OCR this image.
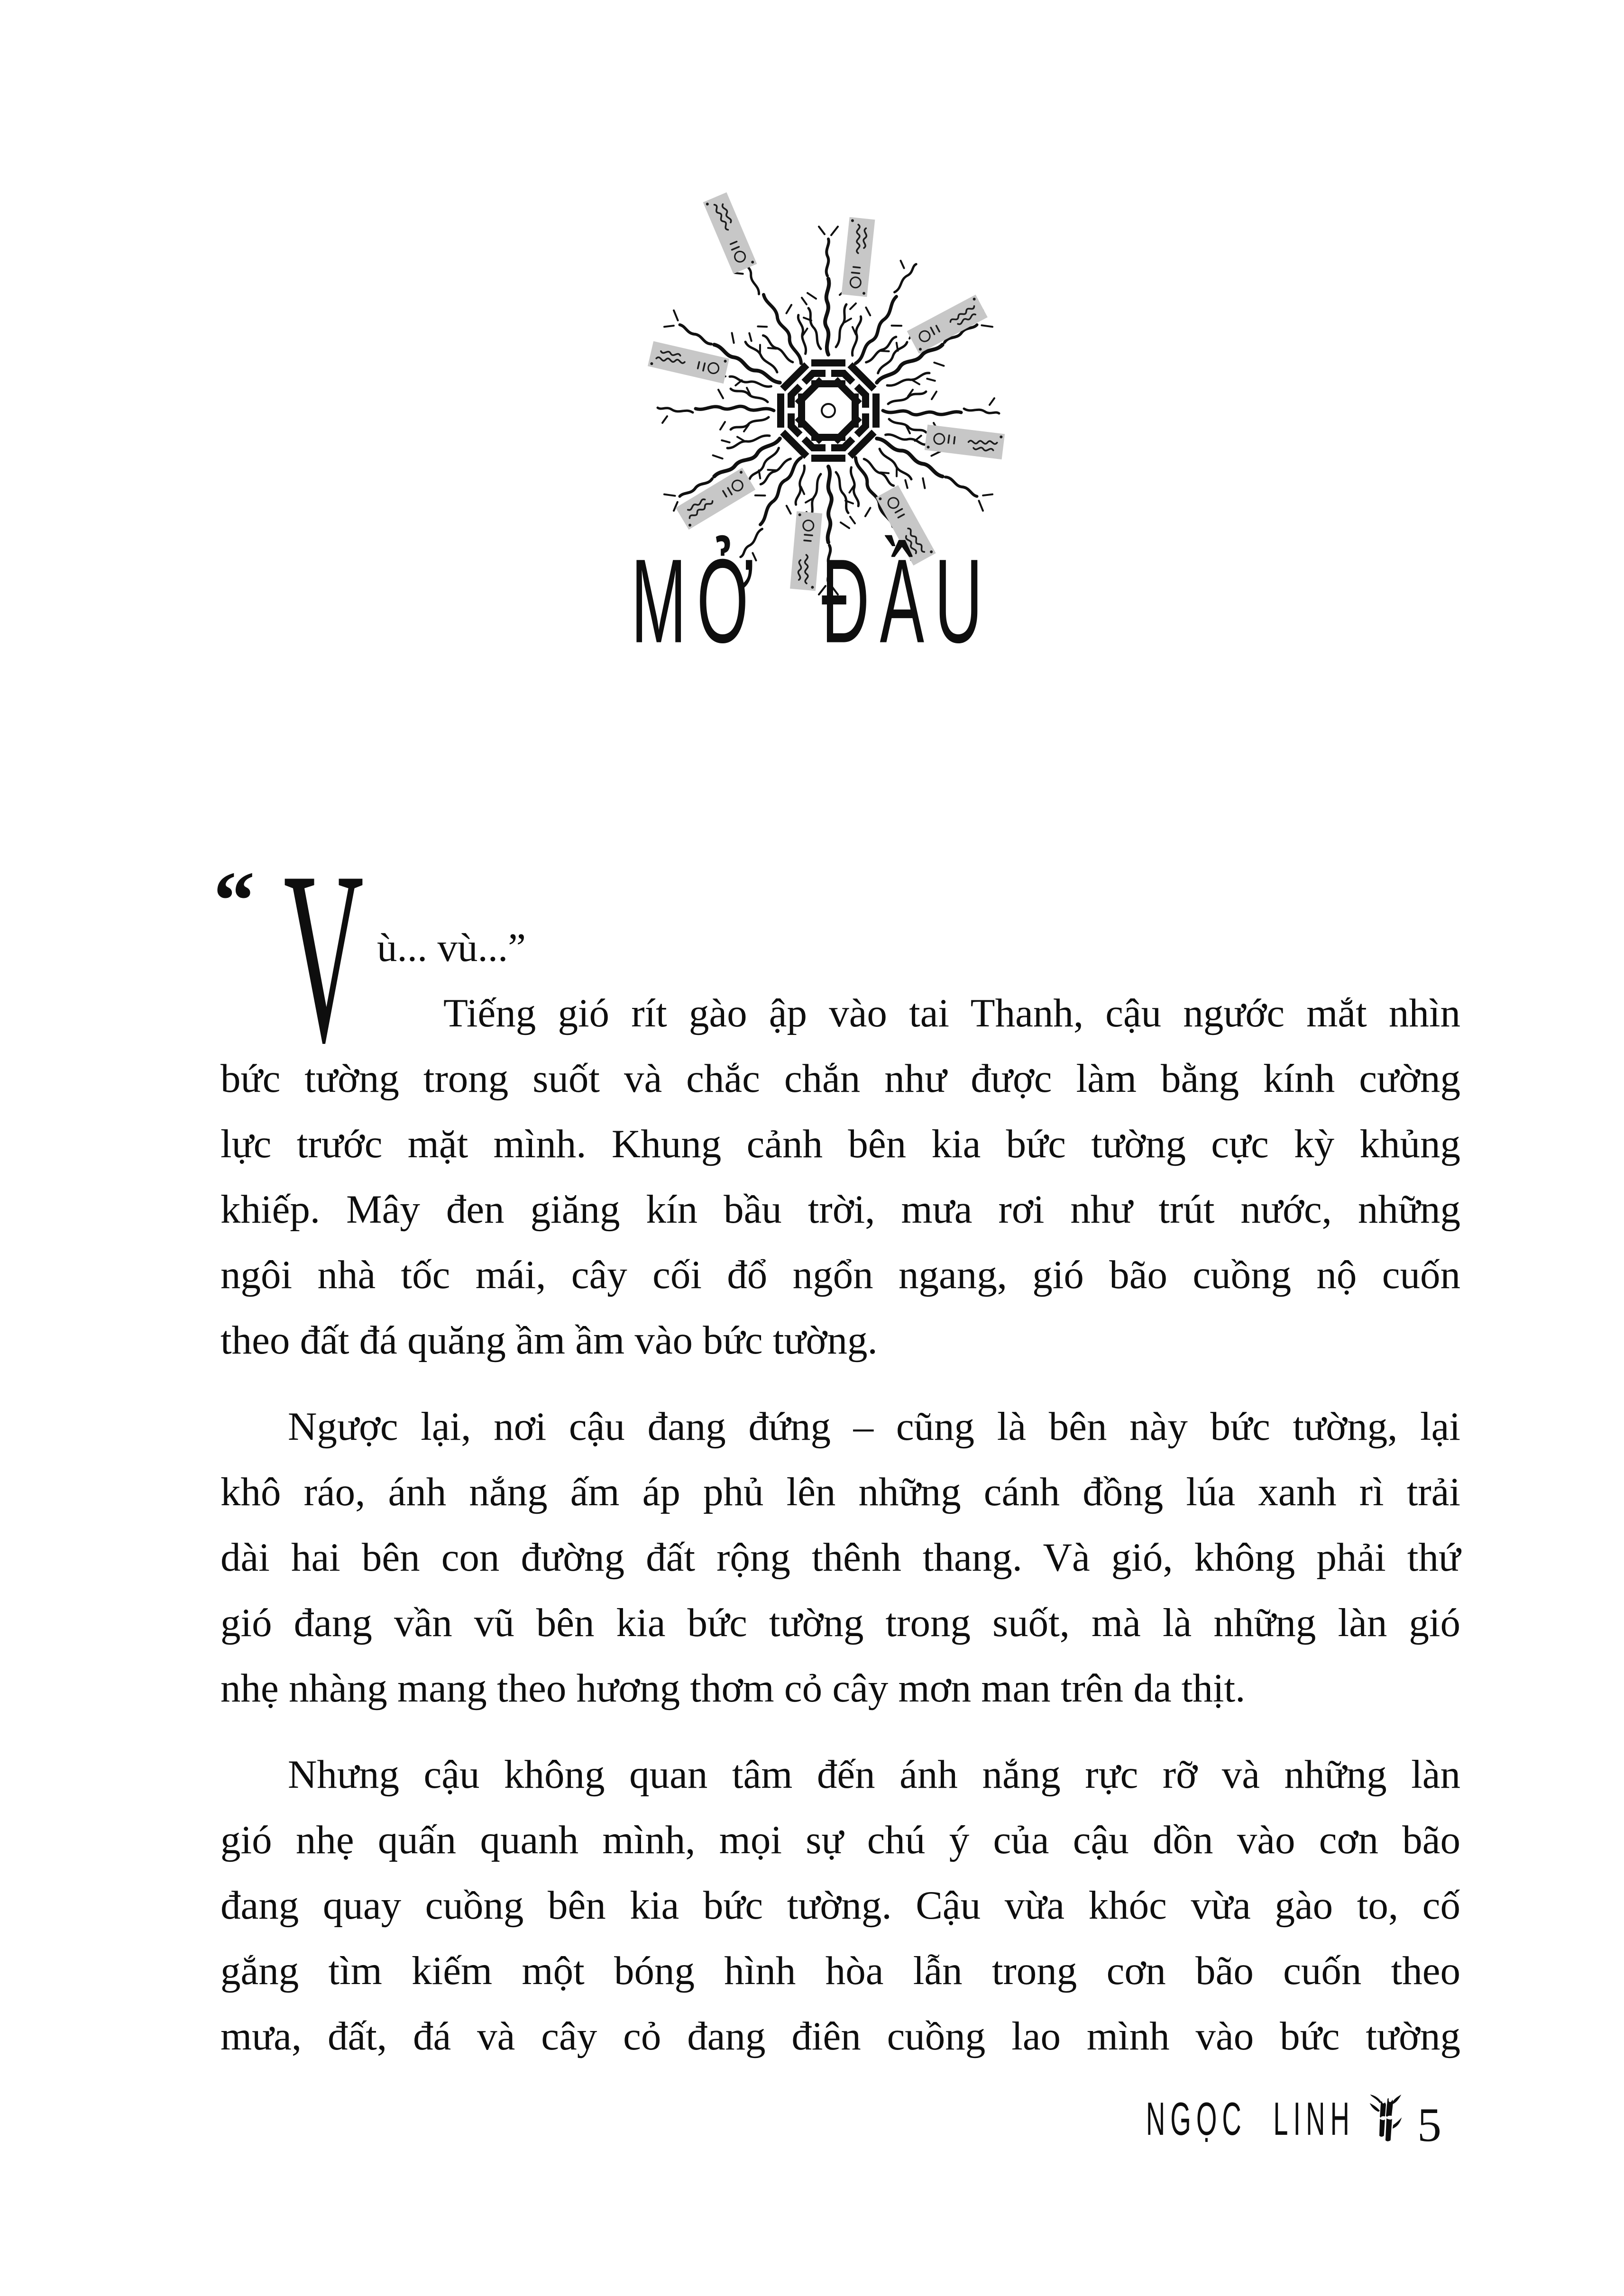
MỞ ĐẦU
“ V ù... vù...”
Tiếng gió rít gào ập vào tai Thanh, cậu ngước mắt nhìn
bức tường trong suốt và chắc chắn như được làm bằng kính cường
lực trước mặt mình. Khung cảnh bên kia bức tường cực kỳ khủng
khiếp. Mây đen giăng kín bầu trời, mưa rơi như trút nước, những
ngôi nhà tốc mái, cây cối đổ ngổn ngang, gió bão cuồng nộ cuốn
theo đất đá quăng ầm ầm vào bức tường.

Ngược lại, nơi cậu đang đứng – cũng là bên này bức tường, lại
khô ráo, ánh nắng ấm áp phủ lên những cánh đồng lúa xanh rì trải
dài hai bên con đường đất rộng thênh thang. Và gió, không phải thứ
gió đang vần vũ bên kia bức tường trong suốt, mà là những làn gió
nhẹ nhàng mang theo hương thơm cỏ cây mơn man trên da thịt.

Nhưng cậu không quan tâm đến ánh nắng rực rỡ và những làn
gió nhẹ quấn quanh mình, mọi sự chú ý của cậu dồn vào cơn bão
đang quay cuồng bên kia bức tường. Cậu vừa khóc vừa gào to, cố
gắng tìm kiếm một bóng hình hòa lẫn trong cơn bão cuốn theo
mưa, đất, đá và cây cỏ đang điên cuồng lao mình vào bức tường

NGỌC LINH 5
